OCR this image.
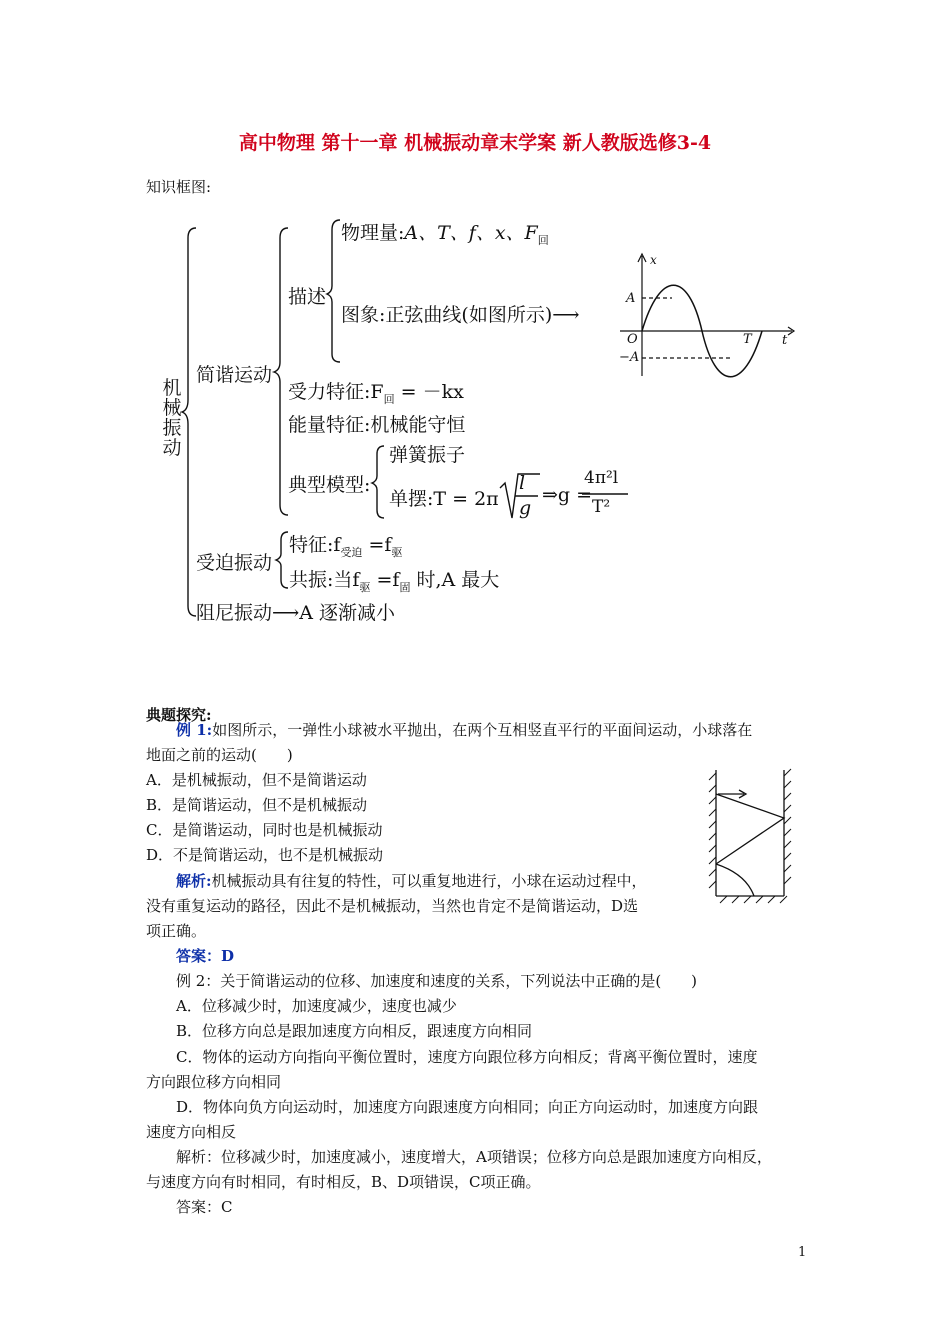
高中物理 第十一章 机械振动章末学案 新人教版选修3-4
知识框图:
机械振动
简谐运动
描述
物理量:A、T、f、x、$F_回$
图象:正弦曲线(如图所示)⟶
受力特征$:F_回 = -kx$
能量特征:机械能守恒
典型模型:
弹簧振子
单摆:T = 2π
l
g
⇒g =
4π²l
T²
受迫振动
特征$:f_{受迫} =f_驱$
共振:当$f_驱 =f_固$ 时,A 最大
阻尼振动⟶A 逐渐减小
x
A
O
−A
T t
典题探究:
例 1:如图所示，一弹性小球被水平抛出，在两个互相竖直平行的平面间运动，小球落在
地面之前的运动(　　)
A．是机械振动，但不是简谐运动
B．是简谐运动，但不是机械振动
C．是简谐运动，同时也是机械振动
D．不是简谐运动，也不是机械振动
解析:机械振动具有往复的特性，可以重复地进行，小球在运动过程中，
没有重复运动的路径，因此不是机械振动，当然也肯定不是简谐运动，D选
项正确。
答案：D
例 2：关于简谐运动的位移、加速度和速度的关系，下列说法中正确的是(　　)
A．位移减少时，加速度减少，速度也减少
B．位移方向总是跟加速度方向相反，跟速度方向相同
C．物体的运动方向指向平衡位置时，速度方向跟位移方向相反；背离平衡位置时，速度
方向跟位移方向相同
D．物体向负方向运动时，加速度方向跟速度方向相同；向正方向运动时，加速度方向跟
速度方向相反
解析：位移减少时，加速度减小，速度增大，A项错误；位移方向总是跟加速度方向相反，
与速度方向有时相同，有时相反，B、D项错误，C项正确。
答案：C
1
